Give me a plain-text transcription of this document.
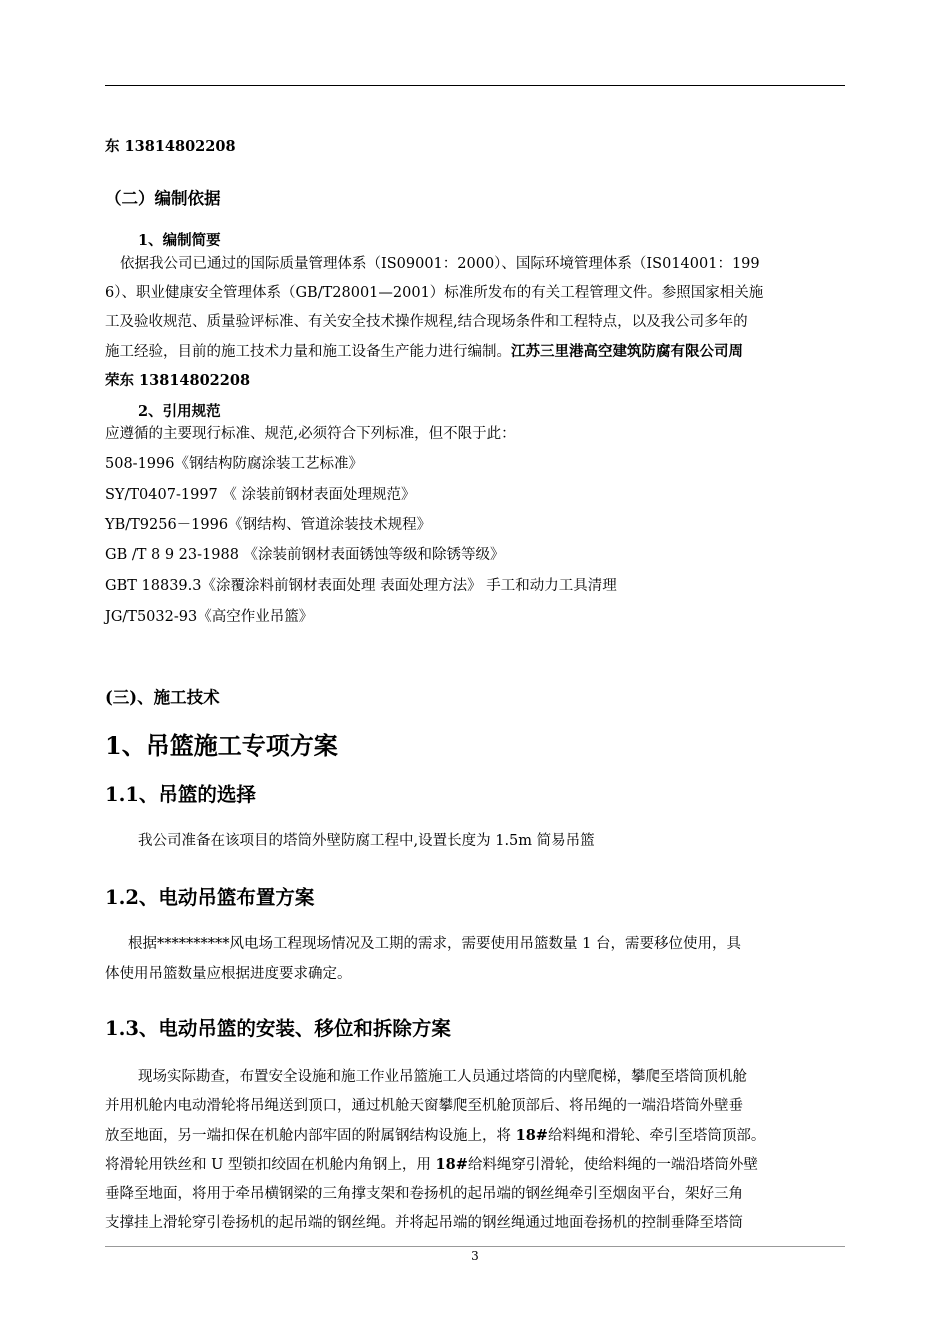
东 13814802208
（二）编制依据
1、编制简要
依据我公司已通过的国际质量管理体系（IS09001：2000）、国际环境管理体系（IS014001：199
6）、职业健康安全管理体系（GB/T28001—2001）标准所发布的有关工程管理文件。参照国家相关施
工及验收规范、质量验评标准、有关安全技术操作规程,结合现场条件和工程特点，以及我公司多年的
施工经验，目前的施工技术力量和施工设备生产能力进行编制。江苏三里港高空建筑防腐有限公司周
荣东 13814802208
2、引用规范
应遵循的主要现行标准、规范,必须符合下列标准，但不限于此：
508-1996《钢结构防腐涂装工艺标准》
SY/T0407-1997 《 涂装前钢材表面处理规范》
YB/T9256－1996《钢结构、管道涂装技术规程》
GB /T 8 9 23-1988 《涂装前钢材表面锈蚀等级和除锈等级》
GBT 18839.3《涂覆涂料前钢材表面处理 表面处理方法》 手工和动力工具清理
JG/T5032-93《高空作业吊篮》
(三)、施工技术
1、吊篮施工专项方案
1.1、吊篮的选择
我公司准备在该项目的塔筒外壁防腐工程中,设置长度为 1.5m 简易吊篮
1.2、电动吊篮布置方案
根据**********风电场工程现场情况及工期的需求，需要使用吊篮数量 1 台，需要移位使用，具
体使用吊篮数量应根据进度要求确定。
1.3、电动吊篮的安装、移位和拆除方案
现场实际勘查，布置安全设施和施工作业吊篮施工人员通过塔筒的内壁爬梯，攀爬至塔筒顶机舱
并用机舱内电动滑轮将吊绳送到顶口，通过机舱天窗攀爬至机舱顶部后、将吊绳的一端沿塔筒外壁垂
放至地面，另一端扣保在机舱内部牢固的附属钢结构设施上，将 18#给料绳和滑轮、牵引至塔筒顶部。
将滑轮用铁丝和 U 型锁扣绞固在机舱内角钢上，用 18#给料绳穿引滑轮，使给料绳的一端沿塔筒外壁
垂降至地面，将用于牵吊横钢梁的三角撑支架和卷扬机的起吊端的钢丝绳牵引至烟囱平台，架好三角
支撑挂上滑轮穿引卷扬机的起吊端的钢丝绳。并将起吊端的钢丝绳通过地面卷扬机的控制垂降至塔筒
3
